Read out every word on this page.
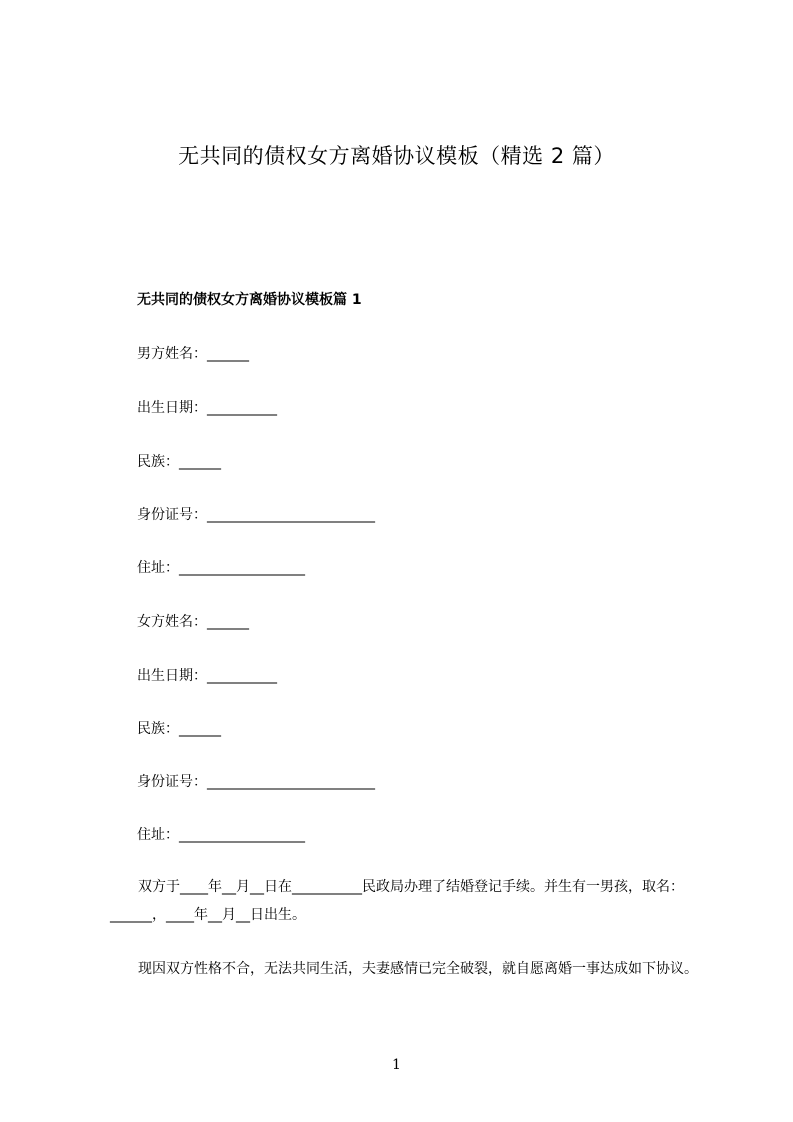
无共同的债权女方离婚协议模板（精选 2 篇）
无共同的债权女方离婚协议模板篇 1
男方姓名：______
出生日期：__________
民族：______
身份证号：________________________
住址：__________________
女方姓名：______
出生日期：__________
民族：______
身份证号：________________________
住址：__________________
双方于____年__月__日在__________民政局办理了结婚登记手续。并生有一男孩，取名：______，____年__月__日出生。
现因双方性格不合，无法共同生活，夫妻感情已完全破裂，就自愿离婚一事达成如下协议。
1
